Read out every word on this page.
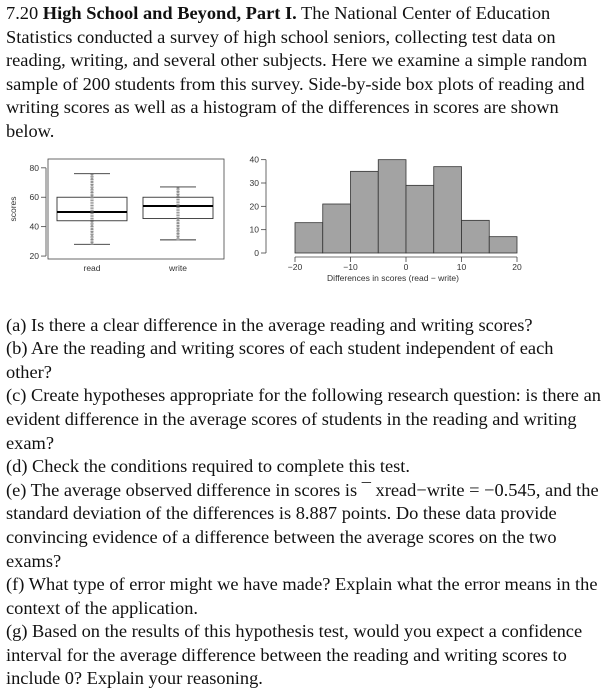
7.20 High School and Beyond, Part I. The National Center of Education Statistics conducted a survey of high school seniors, collecting test data on reading, writing, and several other subjects. Here we examine a simple random sample of 200 students from this survey. Side-by-side box plots of reading and writing scores as well as a histogram of the differences in scores are shown below.

20
40
60
80
scores
read	write
0
10
20
30
40
−20	−10	0	10	20
Differences in scores (read − write)

(a) Is there a clear difference in the average reading and writing scores?

(b) Are the reading and writing scores of each student independent of each other?

(c) Create hypotheses appropriate for the following research question: is there an evident difference in the average scores of students in the reading and writing exam?

(d) Check the conditions required to complete this test.

(e) The average observed difference in scores is ¯ xread−write = −0.545, and the standard deviation of the differences is 8.887 points. Do these data provide convincing evidence of a difference between the average scores on the two exams?

(f) What type of error might we have made? Explain what the error means in the context of the application.

(g) Based on the results of this hypothesis test, would you expect a confidence interval for the average difference between the reading and writing scores to include 0? Explain your reasoning.
